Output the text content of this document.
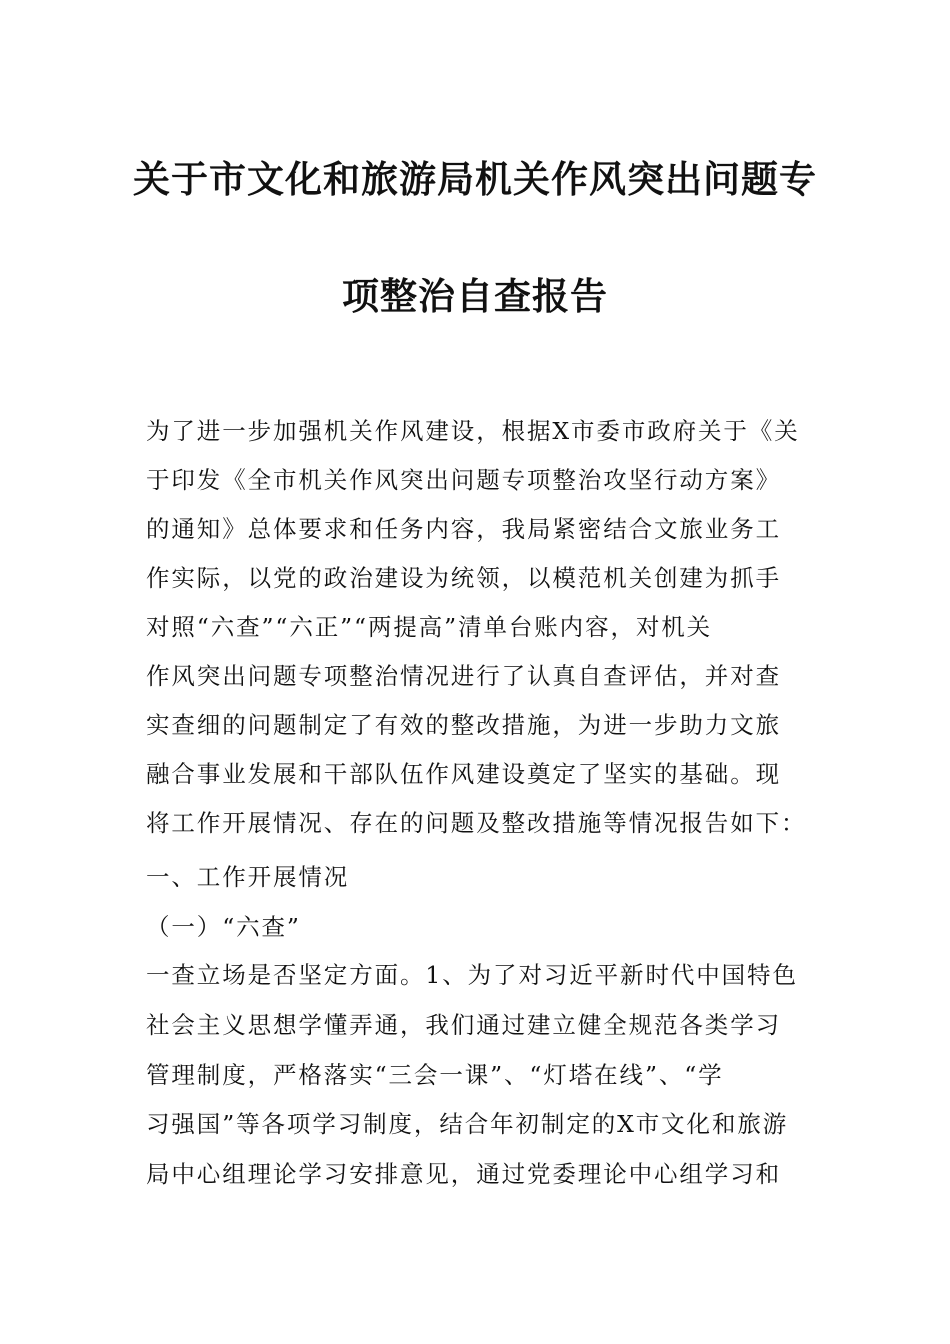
关于市文化和旅游局机关作风突出问题专
项整治自查报告
为了进一步加强机关作风建设，根据X市委市政府关于《关
于印发《全市机关作风突出问题专项整治攻坚行动方案》
的通知》总体要求和任务内容，我局紧密结合文旅业务工
作实际，以党的政治建设为统领，以模范机关创建为抓手
对照“六查”“六正”“两提高”清单台账内容，对机关
作风突出问题专项整治情况进行了认真自查评估，并对查
实查细的问题制定了有效的整改措施，为进一步助力文旅
融合事业发展和干部队伍作风建设奠定了坚实的基础。现
将工作开展情况、存在的问题及整改措施等情况报告如下：
一、工作开展情况
（一）“六查”
一查立场是否坚定方面。1、为了对习近平新时代中国特色
社会主义思想学懂弄通，我们通过建立健全规范各类学习
管理制度，严格落实“三会一课”、“灯塔在线”、“学
习强国”等各项学习制度，结合年初制定的X市文化和旅游
局中心组理论学习安排意见，通过党委理论中心组学习和
